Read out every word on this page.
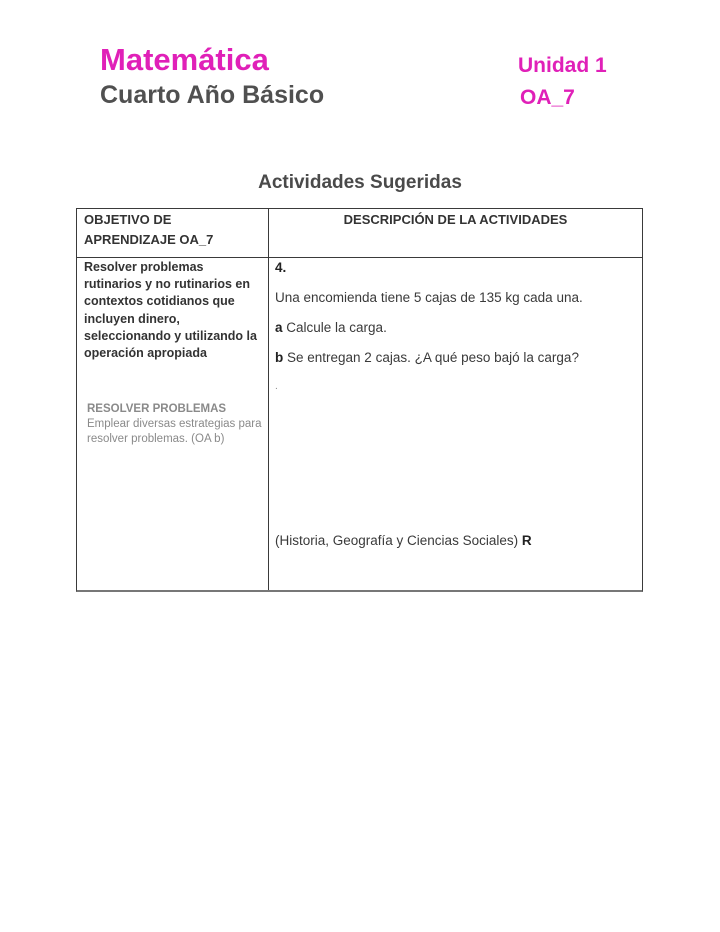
Matemática
Cuarto Año Básico
Unidad 1
OA_7
Actividades Sugeridas
OBJETIVO DE
APRENDIZAJE OA_7
DESCRIPCIÓN DE LA ACTIVIDADES
Resolver problemas rutinarios y no rutinarios en contextos cotidianos que incluyen dinero, seleccionando y utilizando la operación apropiada
RESOLVER PROBLEMAS
Emplear diversas estrategias para resolver problemas. (OA b)
4.
Una encomienda tiene 5 cajas de 135 kg cada una.
a Calcule la carga.
b Se entregan 2 cajas. ¿A qué peso bajó la carga?
.
(Historia, Geografía y Ciencias Sociales) R
